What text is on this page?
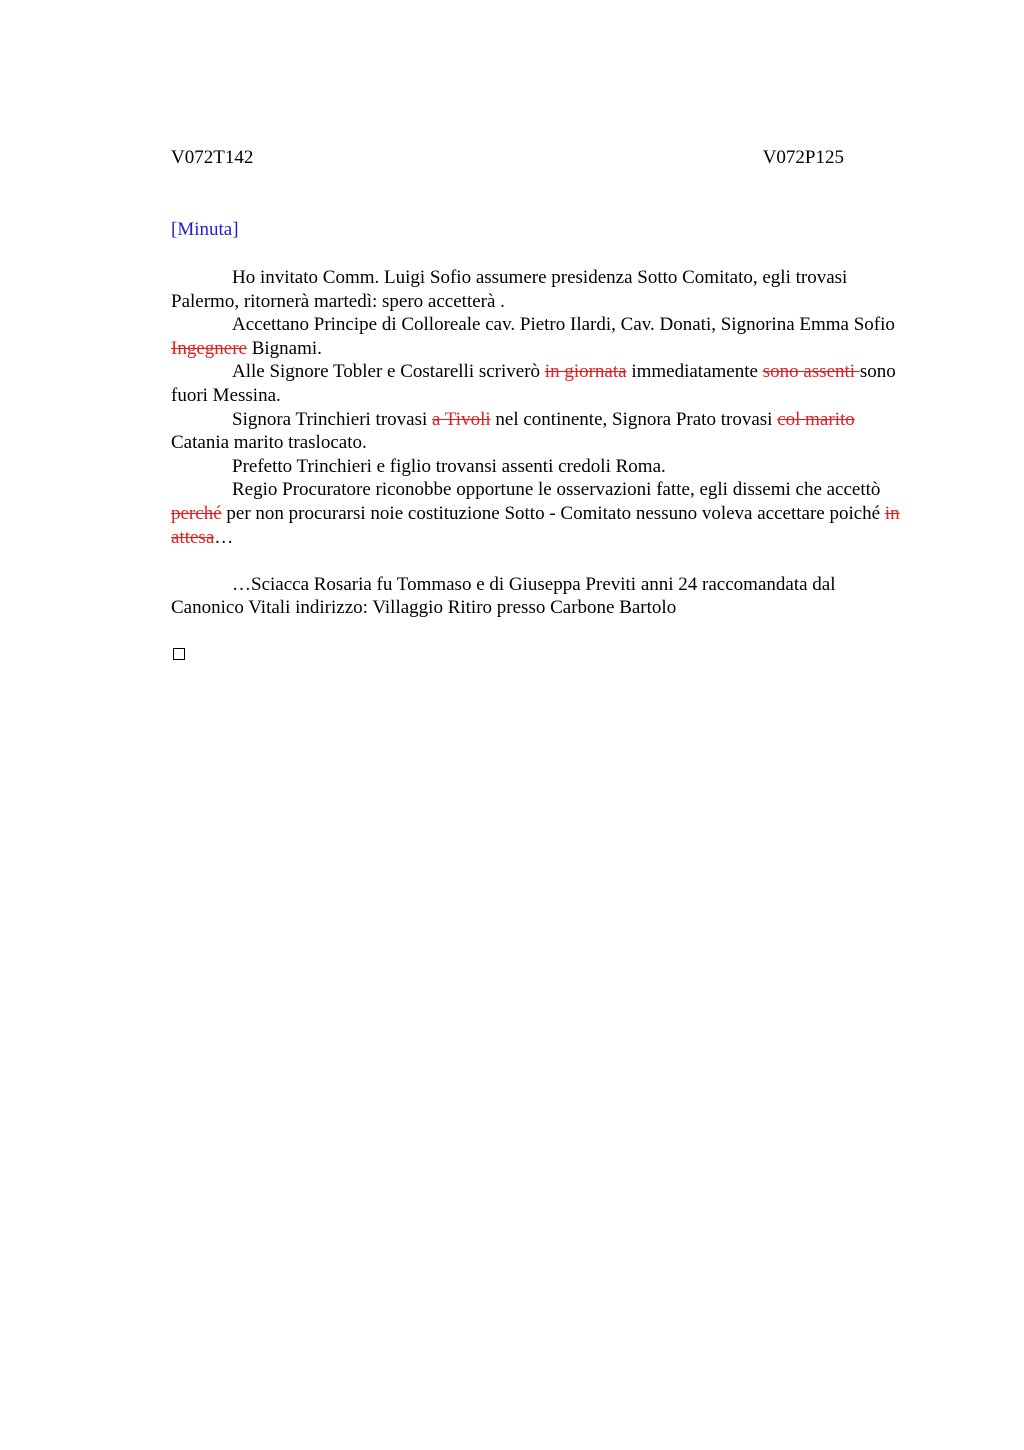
V072T142	V072P125
[Minuta]

Ho invitato Comm. Luigi Sofio assumere presidenza Sotto Comitato, egli trovasi Palermo, ritornerà martedì: spero accetterà .

Accettano Principe di Colloreale cav. Pietro Ilardi, Cav. Donati, Signorina Emma Sofio Ingegnere Bignami.

Alle Signore Tobler e Costarelli scriverò in giornata immediatamente sono assenti sono fuori Messina.

Signora Trinchieri trovasi a Tivoli nel continente, Signora Prato trovasi col marito Catania marito traslocato.

Prefetto Trinchieri e figlio trovansi assenti credoli Roma.

Regio Procuratore riconobbe opportune le osservazioni fatte, egli dissemi che accettò perché per non procurarsi noie costituzione Sotto - Comitato nessuno voleva accettare poiché in attesa…

…Sciacca Rosaria fu Tommaso e di Giuseppa Previti anni 24 raccomandata dal Canonico Vitali indirizzo: Villaggio Ritiro presso Carbone Bartolo
